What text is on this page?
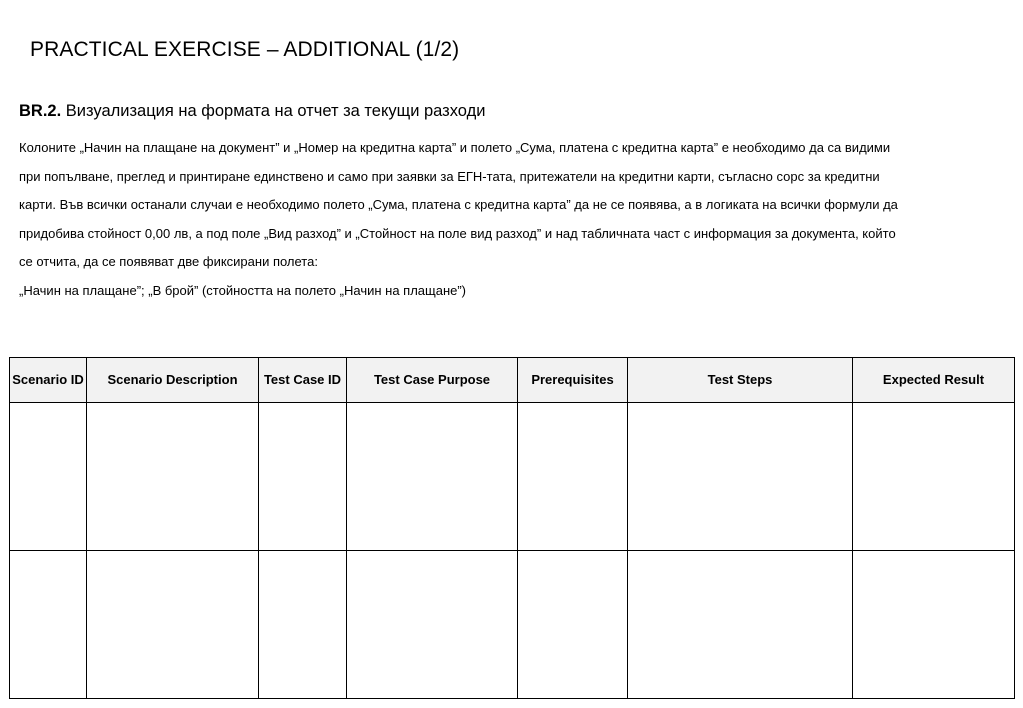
PRACTICAL EXERCISE – ADDITIONAL (1/2)
BR.2. Визуализация на формата на отчет за текущи разходи

Колоните „Начин на плащане на документ” и „Номер на кредитна карта” и полето „Сума, платена с кредитна карта” е необходимо да са видими

при попълване, преглед и принтиране единствено и само при заявки за ЕГН-тата, притежатели на кредитни карти, съгласно сорс за кредитни

карти. Във всички останали случаи е необходимо полето „Сума, платена с кредитна карта” да не се появява, а в логиката на всички формули да

придобива стойност 0,00 лв, а под поле „Вид разход” и „Стойност на поле вид разход” и над табличната част с информация за документа, който

се отчита, да се появяват две фиксирани полета:

„Начин на плащане”; „В брой” (стойността на полето „Начин на плащане”)

Scenario ID	Scenario Description	Test Case ID	Test Case Purpose	Prerequisites	Test Steps	Expected Result
